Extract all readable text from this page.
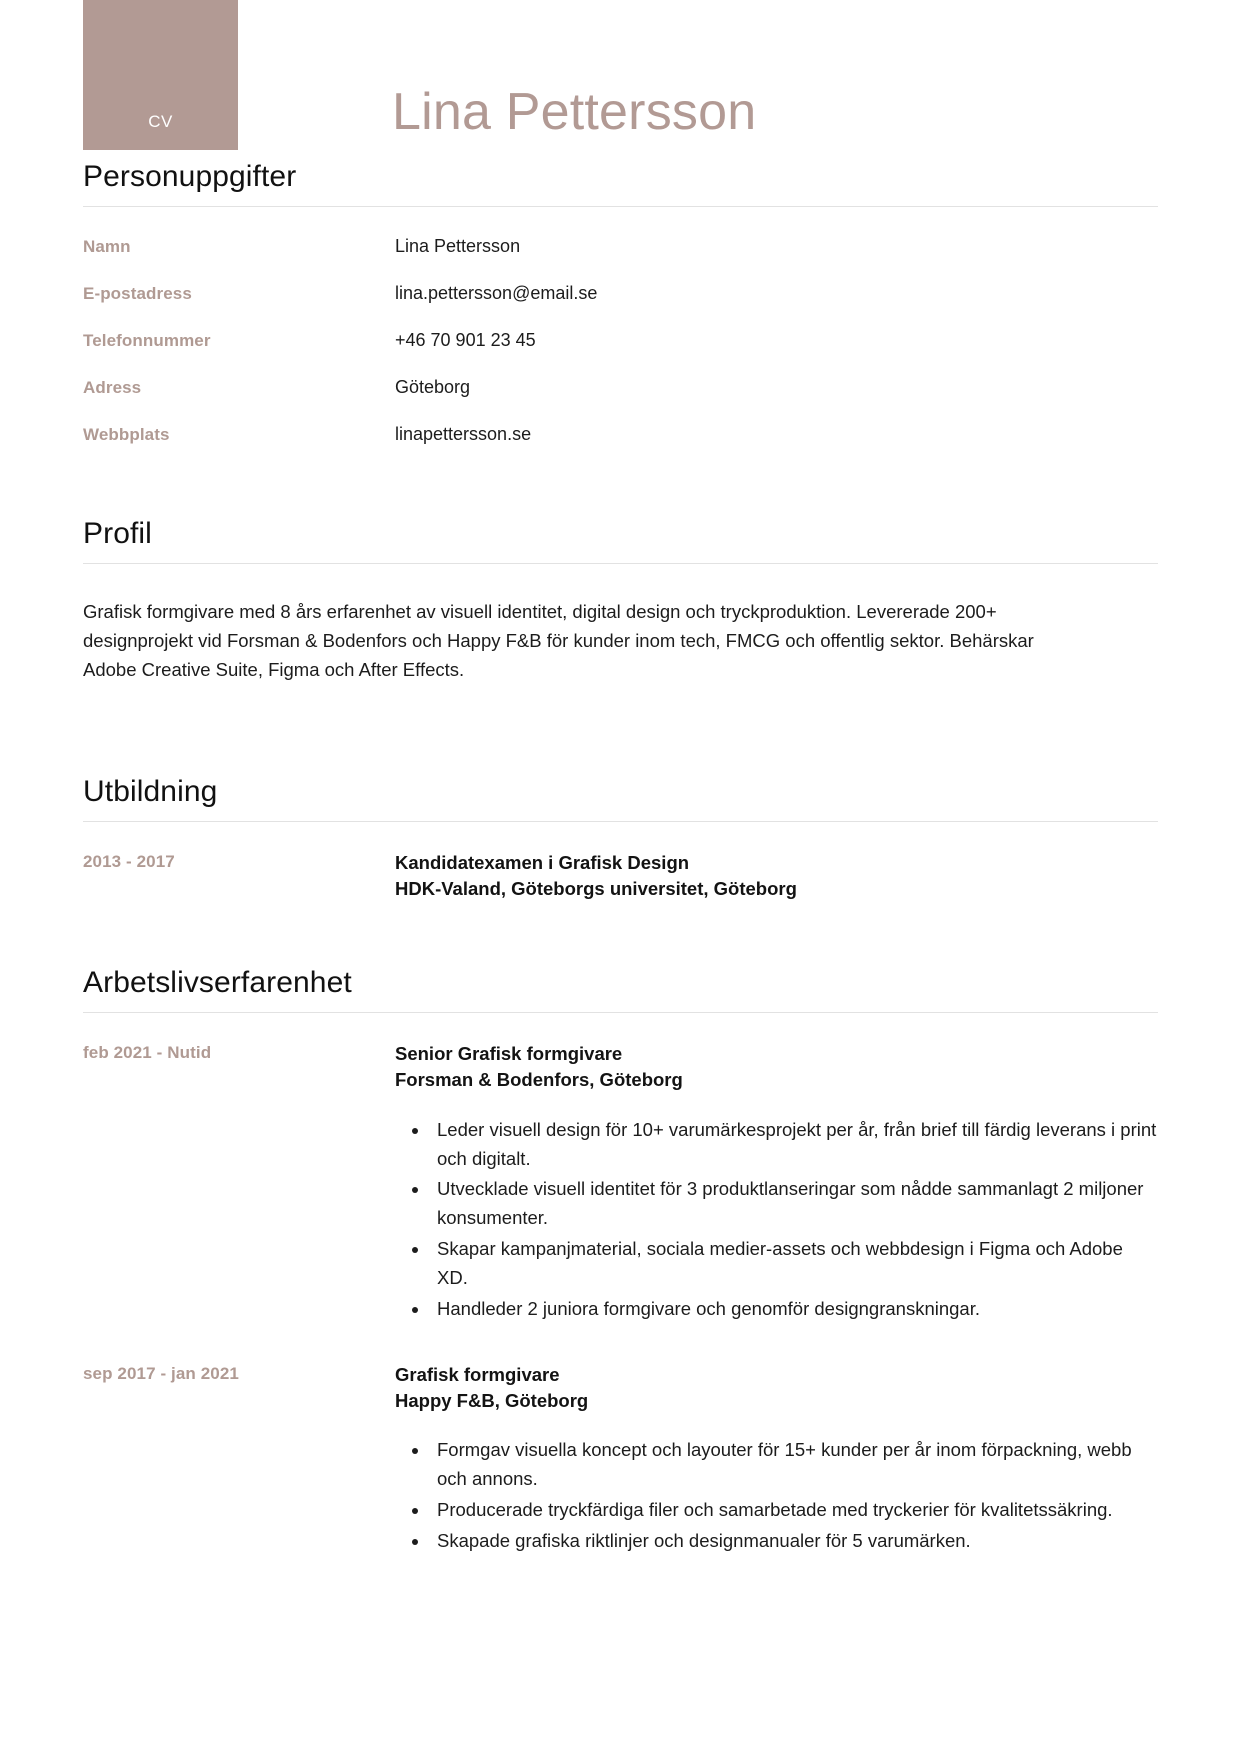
CV	Lina Pettersson
Personuppgifter
Namn	Lina Pettersson
E-postadress	lina.pettersson@email.se
Telefonnummer	+46 70 901 23 45
Adress	Göteborg
Webbplats	linapettersson.se
Profil

Grafisk formgivare med 8 års erfarenhet av visuell identitet, digital design och tryckproduktion. Levererade 200+ designprojekt vid Forsman & Bodenfors och Happy F&B för kunder inom tech, FMCG och offentlig sektor. Behärskar Adobe Creative Suite, Figma och After Effects.

Utbildning
2013 - 2017	Kandidatexamen i Grafisk Design
HDK-Valand, Göteborgs universitet, Göteborg
Arbetslivserfarenhet
feb 2021 - Nutid	Senior Grafisk formgivare
Forsman & Bodenfors, Göteborg
• Leder visuell design för 10+ varumärkesprojekt per år, från brief till färdig leverans i print och digitalt.
• Utvecklade visuell identitet för 3 produktlanseringar som nådde sammanlagt 2 miljoner konsumenter.
• Skapar kampanjmaterial, sociala medier-assets och webbdesign i Figma och Adobe XD.
• Handleder 2 juniora formgivare och genomför designgranskningar.
sep 2017 - jan 2021	Grafisk formgivare
Happy F&B, Göteborg
• Formgav visuella koncept och layouter för 15+ kunder per år inom förpackning, webb och annons.
• Producerade tryckfärdiga filer och samarbetade med tryckerier för kvalitetssäkring.
• Skapade grafiska riktlinjer och designmanualer för 5 varumärken.
